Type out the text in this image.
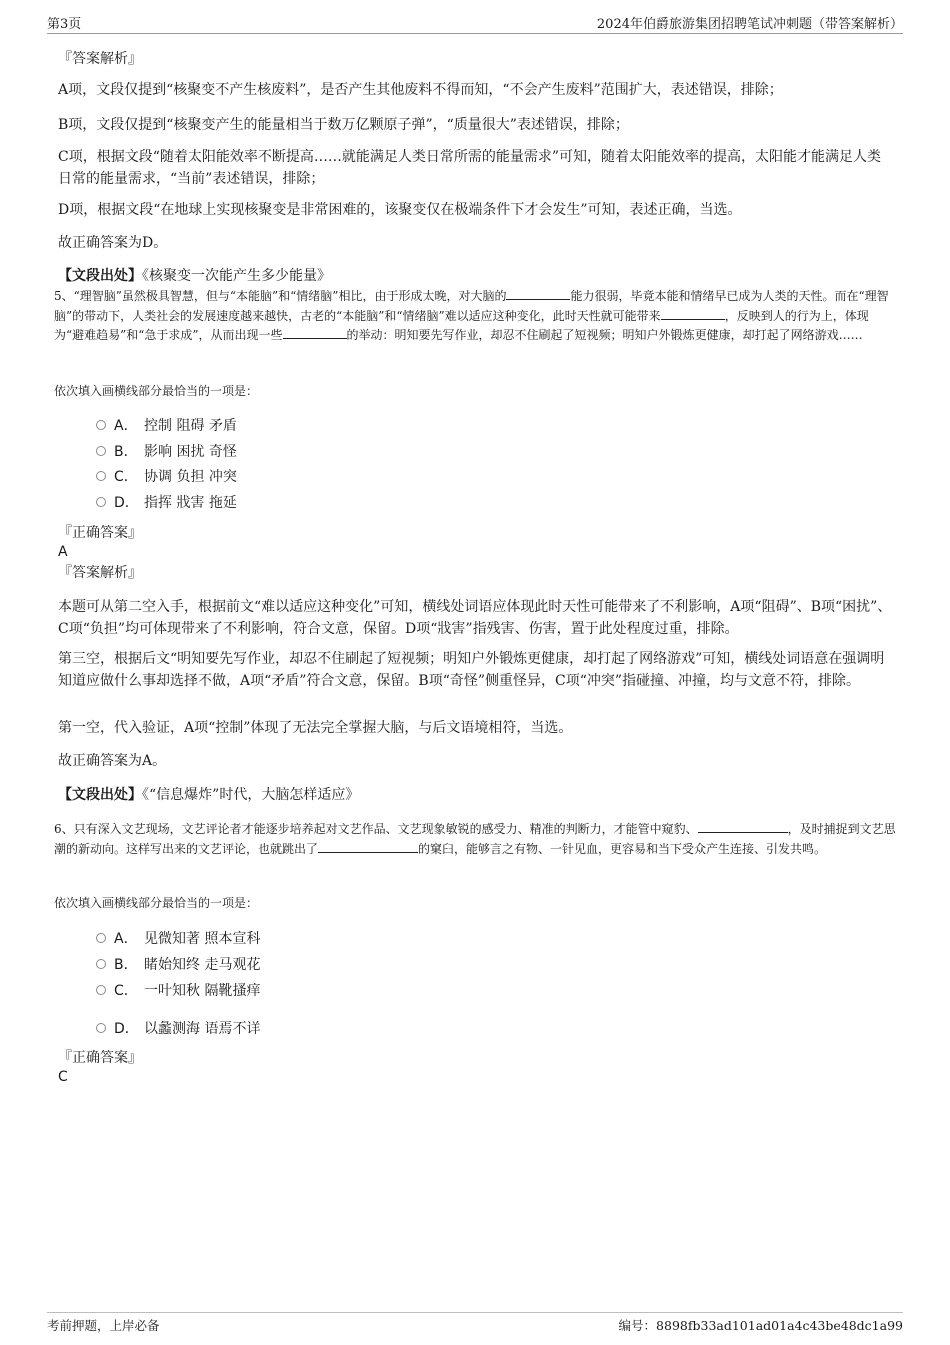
第3页	2024年伯爵旅游集团招聘笔试冲刺题（带答案解析）
『答案解析』
A项，文段仅提到“核聚变不产生核废料”，是否产生其他废料不得而知，“不会产生废料”范围扩大，表述错误，排除；
B项，文段仅提到“核聚变产生的能量相当于数万亿颗原子弹”，“质量很大”表述错误，排除；
C项，根据文段“随着太阳能效率不断提高……就能满足人类日常所需的能量需求”可知，随着太阳能效率的提高，太阳能才能满足人类日常的能量需求，“当前”表述错误，排除；
D项，根据文段“在地球上实现核聚变是非常困难的，该聚变仅在极端条件下才会发生”可知，表述正确，当选。
故正确答案为D。
【文段出处】《核聚变一次能产生多少能量》
5、“理智脑”虽然极具智慧，但与“本能脑”和“情绪脑”相比，由于形成太晚，对大脑的	能力很弱，毕竟本能和情绪早已成为人类的天性。而在“理智脑”的带动下，人类社会的发展速度越来越快，古老的“本能脑”和“情绪脑”难以适应这种变化，此时天性就可能带来	，反映到人的行为上，体现为“避难趋易”和“急于求成”，从而出现一些	的举动：明知要先写作业，却忍不住刷起了短视频；明知户外锻炼更健康，却打起了网络游戏……
依次填入画横线部分最恰当的一项是：
A． 控制 阻碍 矛盾
B． 影响 困扰 奇怪
C． 协调 负担 冲突
D． 指挥 戕害 拖延
『正确答案』
A
『答案解析』
本题可从第二空入手，根据前文“难以适应这种变化”可知，横线处词语应体现此时天性可能带来了不利影响，A项“阻碍”、B项“困扰”、C项“负担”均可体现带来了不利影响，符合文意，保留。D项“戕害”指残害、伤害，置于此处程度过重，排除。
第三空，根据后文“明知要先写作业，却忍不住刷起了短视频；明知户外锻炼更健康，却打起了网络游戏”可知，横线处词语意在强调明知道应做什么事却选择不做，A项“矛盾”符合文意，保留。B项“奇怪”侧重怪异，C项“冲突”指碰撞、冲撞，均与文意不符，排除。
第一空，代入验证，A项“控制”体现了无法完全掌握大脑，与后文语境相符，当选。
故正确答案为A。
【文段出处】《“信息爆炸”时代，大脑怎样适应》
6、只有深入文艺现场，文艺评论者才能逐步培养起对文艺作品、文艺现象敏锐的感受力、精准的判断力，才能管中窥豹、	，及时捕捉到文艺思潮的新动向。这样写出来的文艺评论，也就跳出了	的窠臼，能够言之有物、一针见血，更容易和当下受众产生连接、引发共鸣。
依次填入画横线部分最恰当的一项是：
A． 见微知著 照本宣科
B． 睹始知终 走马观花
C． 一叶知秋 隔靴搔痒
D． 以蠡测海 语焉不详
『正确答案』
C
考前押题，上岸必备	编号：8898fb33ad101ad01a4c43be48dc1a99
